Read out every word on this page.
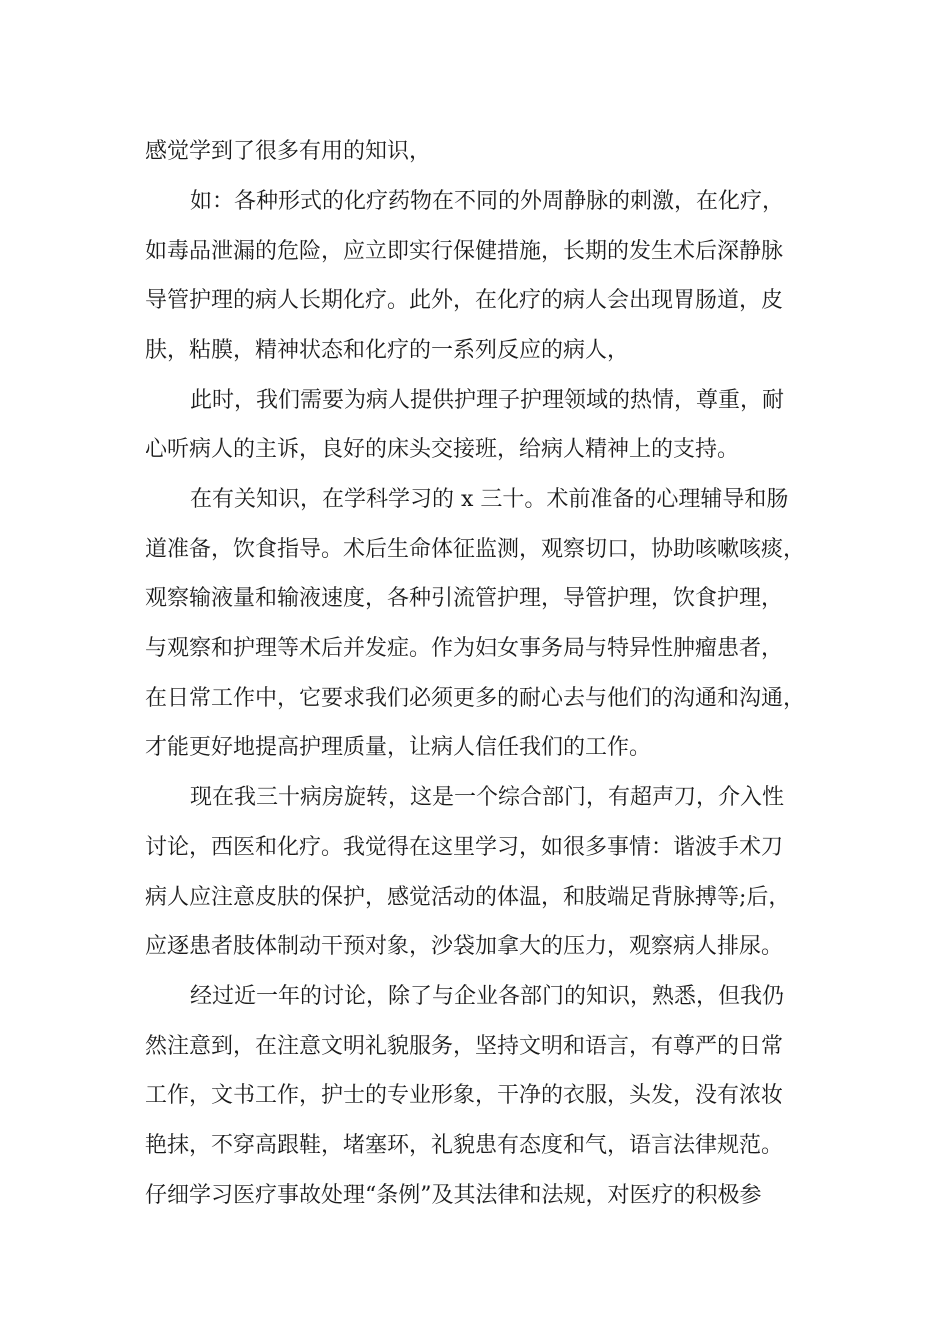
感觉学到了很多有用的知识，
如：各种形式的化疗药物在不同的外周静脉的刺激，在化疗，
如毒品泄漏的危险，应立即实行保健措施，长期的发生术后深静脉
导管护理的病人长期化疗。此外，在化疗的病人会出现胃肠道，皮
肤，粘膜，精神状态和化疗的一系列反应的病人，
此时，我们需要为病人提供护理子护理领域的热情，尊重，耐
心听病人的主诉，良好的床头交接班，给病人精神上的支持。
在有关知识，在学科学习的 x 三十。术前准备的心理辅导和肠
道准备，饮食指导。术后生命体征监测，观察切口，协助咳嗽咳痰，
观察输液量和输液速度，各种引流管护理，导管护理，饮食护理，
与观察和护理等术后并发症。作为妇女事务局与特异性肿瘤患者，
在日常工作中，它要求我们必须更多的耐心去与他们的沟通和沟通，
才能更好地提高护理质量，让病人信任我们的工作。
现在我三十病房旋转，这是一个综合部门，有超声刀，介入性
讨论，西医和化疗。我觉得在这里学习，如很多事情：谐波手术刀
病人应注意皮肤的保护，感觉活动的体温，和肢端足背脉搏等;后，
应逐患者肢体制动干预对象，沙袋加拿大的压力，观察病人排尿。
经过近一年的讨论，除了与企业各部门的知识，熟悉，但我仍
然注意到，在注意文明礼貌服务，坚持文明和语言，有尊严的日常
工作，文书工作，护士的专业形象，干净的衣服，头发，没有浓妆
艳抹，不穿高跟鞋，堵塞环，礼貌患有态度和气，语言法律规范。
仔细学习医疗事故处理“条例”及其法律和法规，对医疗的积极参
